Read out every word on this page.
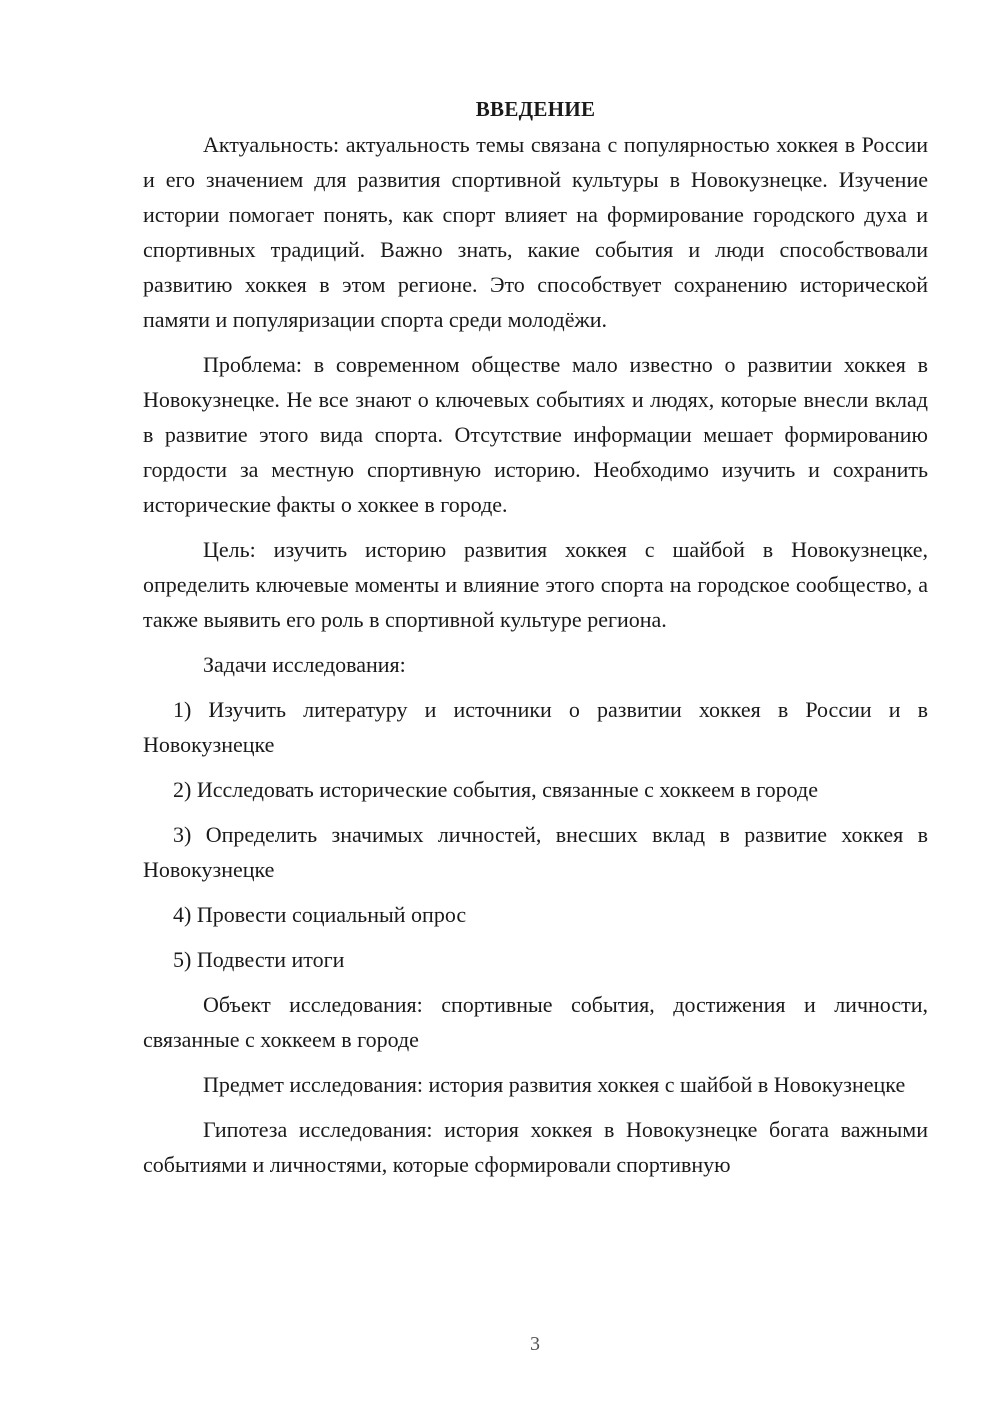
ВВЕДЕНИЕ

Актуальность: актуальность темы связана с популярностью хоккея в России и его значением для развития спортивной культуры в Новокузнецке. Изучение истории помогает понять, как спорт влияет на формирование городского духа и спортивных традиций. Важно знать, какие события и люди способствовали развитию хоккея в этом регионе. Это способствует сохранению исторической памяти и популяризации спорта среди молодёжи.

Проблема: в современном обществе мало известно о развитии хоккея в Новокузнецке. Не все знают о ключевых событиях и людях, которые внесли вклад в развитие этого вида спорта. Отсутствие информации мешает формированию гордости за местную спортивную историю. Необходимо изучить и сохранить исторические факты о хоккее в городе.

Цель: изучить историю развития хоккея с шайбой в Новокузнецке, определить ключевые моменты и влияние этого спорта на городское сообщество, а также выявить его роль в спортивной культуре региона.

Задачи исследования:

1) Изучить литературу и источники о развитии хоккея в России и в Новокузнецке

2) Исследовать исторические события, связанные с хоккеем в городе

3) Определить значимых личностей, внесших вклад в развитие хоккея в Новокузнецке

4) Провести социальный опрос

5) Подвести итоги

Объект исследования: спортивные события, достижения и личности, связанные с хоккеем в городе

Предмет исследования: история развития хоккея с шайбой в Новокузнецке

Гипотеза исследования: история хоккея в Новокузнецке богата важными событиями и личностями, которые сформировали спортивную

3
